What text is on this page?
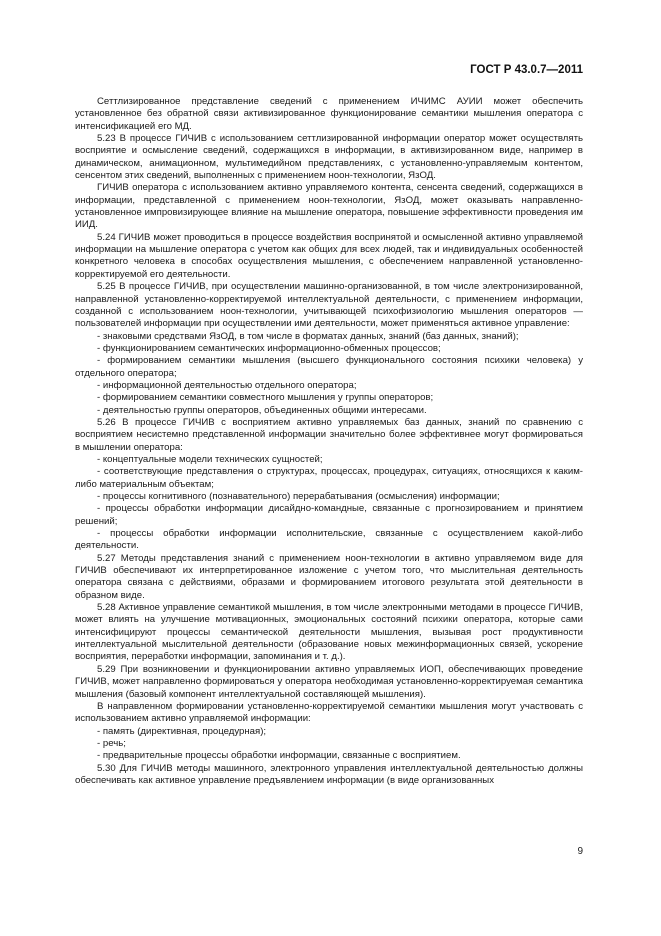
ГОСТ Р 43.0.7—2011

Сеттлизированное представление сведений с применением ИЧИМС АУИИ может обеспечить установленное без обратной связи активизированное функционирование семантики мышления оператора с интенсификацией его МД.

5.23 В процессе ГИЧИВ с использованием сеттлизированной информации оператор может осуществлять восприятие и осмысление сведений, содержащихся в информации, в активизированном виде, например в динамическом, анимационном, мультимедийном представлениях, с установленно-управляемым контентом, сенсентом этих сведений, выполненных с применением ноон-технологии, ЯзОД.

ГИЧИВ оператора с использованием активно управляемого контента, сенсента сведений, содержащихся в информации, представленной с применением ноон-технологии, ЯзОД, может оказывать направленно-установленное импровизирующее влияние на мышление оператора, повышение эффективности проведения им ИИД.

5.24 ГИЧИВ может проводиться в процессе воздействия воспринятой и осмысленной активно управляемой информации на мышление оператора с учетом как общих для всех людей, так и индивидуальных особенностей конкретного человека в способах осуществления мышления, с обеспечением направленной установленно-корректируемой его деятельности.

5.25 В процессе ГИЧИВ, при осуществлении машинно-организованной, в том числе электронизированной, направленной установленно-корректируемой интеллектуальной деятельности, с применением информации, созданной с использованием ноон-технологии, учитывающей психофизиологию мышления операторов — пользователей информации при осуществлении ими деятельности, может применяться активное управление:

- знаковыми средствами ЯзОД, в том числе в форматах данных, знаний (баз данных, знаний);

- функционированием семантических информационно-обменных процессов;

- формированием семантики мышления (высшего функционального состояния психики человека) у отдельного оператора;

- информационной деятельностью отдельного оператора;

- формированием семантики совместного мышления у группы операторов;

- деятельностью группы операторов, объединенных общими интересами.

5.26 В процессе ГИЧИВ с восприятием активно управляемых баз данных, знаний по сравнению с восприятием несистемно представленной информации значительно более эффективнее могут формироваться в мышлении оператора:

- концептуальные модели технических сущностей;

- соответствующие представления о структурах, процессах, процедурах, ситуациях, относящихся к каким-либо материальным объектам;

- процессы когнитивного (познавательного) перерабатывания (осмысления) информации;

- процессы обработки информации дисайдно-командные, связанные с прогнозированием и принятием решений;

- процессы обработки информации исполнительские, связанные с осуществлением какой-либо деятельности.

5.27 Методы представления знаний с применением ноон-технологии в активно управляемом виде для ГИЧИВ обеспечивают их интерпретированное изложение с учетом того, что мыслительная деятельность оператора связана с действиями, образами и формированием итогового результата этой деятельности в образном виде.

5.28 Активное управление семантикой мышления, в том числе электронными методами в процессе ГИЧИВ, может влиять на улучшение мотивационных, эмоциональных состояний психики оператора, которые сами интенсифицируют процессы семантической деятельности мышления, вызывая рост продуктивности интеллектуальной мыслительной деятельности (образование новых межинформационных связей, ускорение восприятия, переработки информации, запоминания и т. д.).

5.29 При возникновении и функционировании активно управляемых ИОП, обеспечивающих проведение ГИЧИВ, может направленно формироваться у оператора необходимая установленно-корректируемая семантика мышления (базовый компонент интеллектуальной составляющей мышления).

В направленном формировании установленно-корректируемой семантики мышления могут участвовать с использованием активно управляемой информации:

- память (директивная, процедурная);

- речь;

- предварительные процессы обработки информации, связанные с восприятием.

5.30 Для ГИЧИВ методы машинного, электронного управления интеллектуальной деятельностью должны обеспечивать как активное управление предъявлением информации (в виде организованных

9
